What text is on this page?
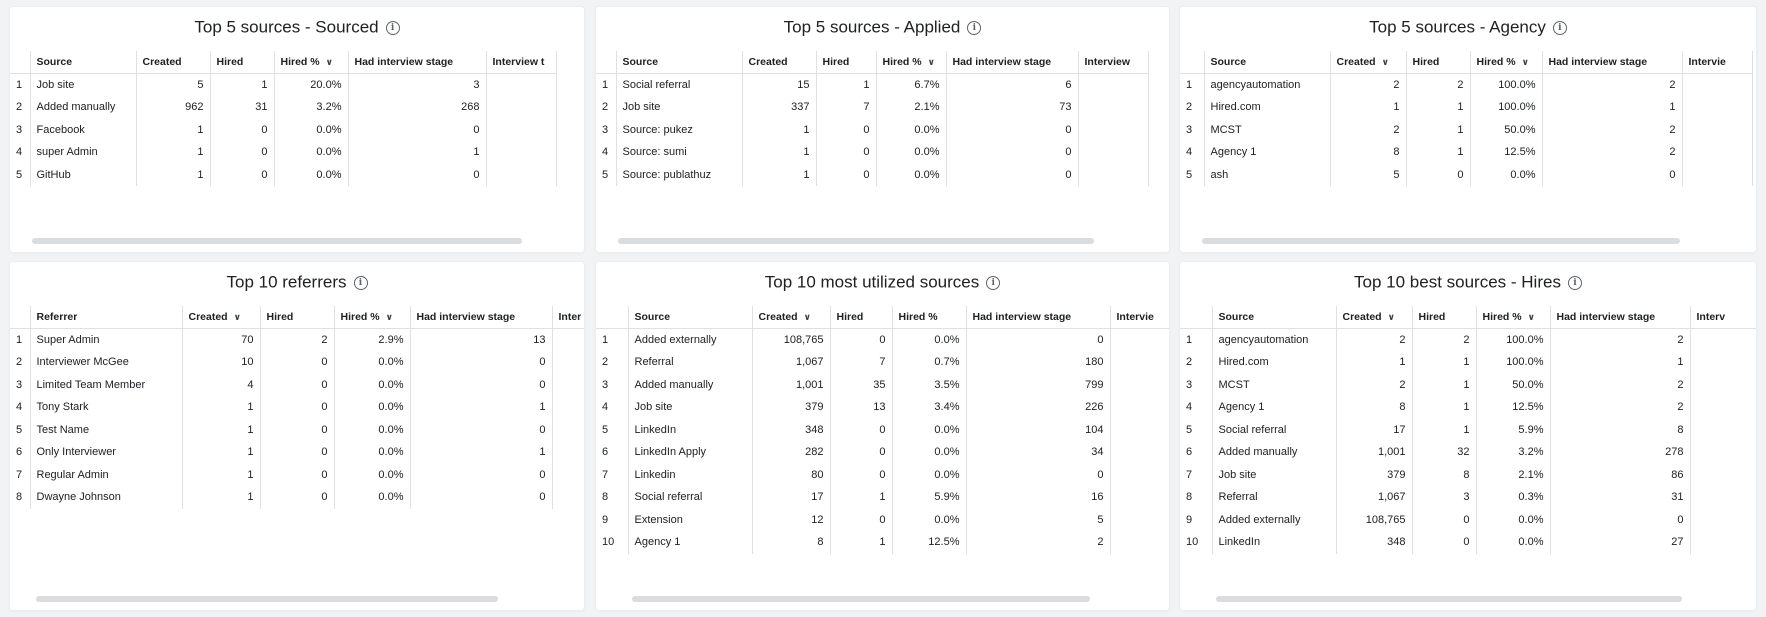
Top 5 sources - Sourced i
	Source	Created	Hired	Hired % ∨	Had interview stage	Interview t
1	Job site	5	1	20.0%	3	
2	Added manually	962	31	3.2%	268	
3	Facebook	1	0	0.0%	0	
4	super Admin	1	0	0.0%	1	
5	GitHub	1	0	0.0%	0	
Top 5 sources - Applied i
	Source	Created	Hired	Hired % ∨	Had interview stage	Interview
1	Social referral	15	1	6.7%	6	
2	Job site	337	7	2.1%	73	
3	Source: pukez	1	0	0.0%	0	
4	Source: sumi	1	0	0.0%	0	
5	Source: publathuz	1	0	0.0%	0	
Top 5 sources - Agency i
	Source	Created ∨	Hired	Hired % ∨	Had interview stage	Intervie
1	agencyautomation	2	2	100.0%	2	
2	Hired.com	1	1	100.0%	1	
3	MCST	2	1	50.0%	2	
4	Agency 1	8	1	12.5%	2	
5	ash	5	0	0.0%	0	
Top 10 referrers i
	Referrer	Created ∨	Hired	Hired % ∨	Had interview stage	Inter
1	Super Admin	70	2	2.9%	13	
2	Interviewer McGee	10	0	0.0%	0	
3	Limited Team Member	4	0	0.0%	0	
4	Tony Stark	1	0	0.0%	1	
5	Test Name	1	0	0.0%	0	
6	Only Interviewer	1	0	0.0%	1	
7	Regular Admin	1	0	0.0%	0	
8	Dwayne Johnson	1	0	0.0%	0	
Top 10 most utilized sources i
	Source	Created ∨	Hired	Hired %	Had interview stage	Intervie
1	Added externally	108,765	0	0.0%	0	
2	Referral	1,067	7	0.7%	180	
3	Added manually	1,001	35	3.5%	799	
4	Job site	379	13	3.4%	226	
5	LinkedIn	348	0	0.0%	104	
6	LinkedIn Apply	282	0	0.0%	34	
7	Linkedin	80	0	0.0%	0	
8	Social referral	17	1	5.9%	16	
9	Extension	12	0	0.0%	5	
10	Agency 1	8	1	12.5%	2	
Top 10 best sources - Hires i
	Source	Created ∨	Hired	Hired % ∨	Had interview stage	Interv
1	agencyautomation	2	2	100.0%	2	
2	Hired.com	1	1	100.0%	1	
3	MCST	2	1	50.0%	2	
4	Agency 1	8	1	12.5%	2	
5	Social referral	17	1	5.9%	8	
6	Added manually	1,001	32	3.2%	278	
7	Job site	379	8	2.1%	86	
8	Referral	1,067	3	0.3%	31	
9	Added externally	108,765	0	0.0%	0	
10	LinkedIn	348	0	0.0%	27	
